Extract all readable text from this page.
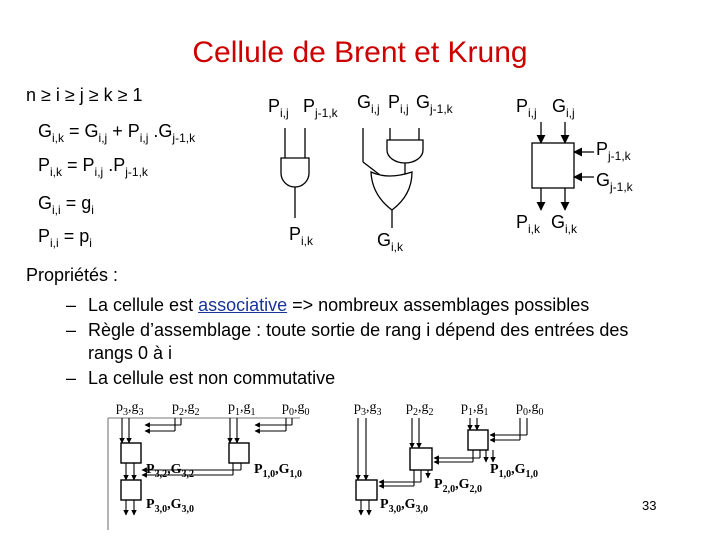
Cellule de Brent et Krung
n ≥ i ≥ j ≥ k ≥ 1
$G_{i,k} = G_{i,j} + P_{i,j}$ $.G_{j-1,k}$
$P_{i,k} = P_{i,j}$ $.P_{j-1,k}$
$G_{i,i} = g_i$
$P_{i,i} = p_i$
$P_{i,j}$ $P_{j-1,k}$
$P_{i,k}$
$G_{i,j}$ $P_{i,j}$ $G_{j-1,k}$
$G_{i,k}$
$P_{i,j}$ $G_{i,j}$
$P_{j-1,k}$
$G_{j-1,k}$
$P_{i,k}$ $G_{i,k}$
Propriétés :
– La cellule est associative => nombreux assemblages possibles
– Règle d’assemblage : toute sortie de rang i dépend des entrées des
rangs 0 à i
– La cellule est non commutative
$p_3,g_3$ $p_2,g_2$ $p_1,g_1$ $p_0,g_0$
$P_{3,2},G_{3,2}$	$P_{1,0},G_{1,0}$
$P_{3,0},G_{3,0}$
$p_3,g_3$ $p_2,g_2$ $p_1,g_1$ $p_0,g_0$
$P_{1,0},G_{1,0}$
$P_{2,0},G_{2,0}$
$P_{3,0},G_{3,0}$	33
